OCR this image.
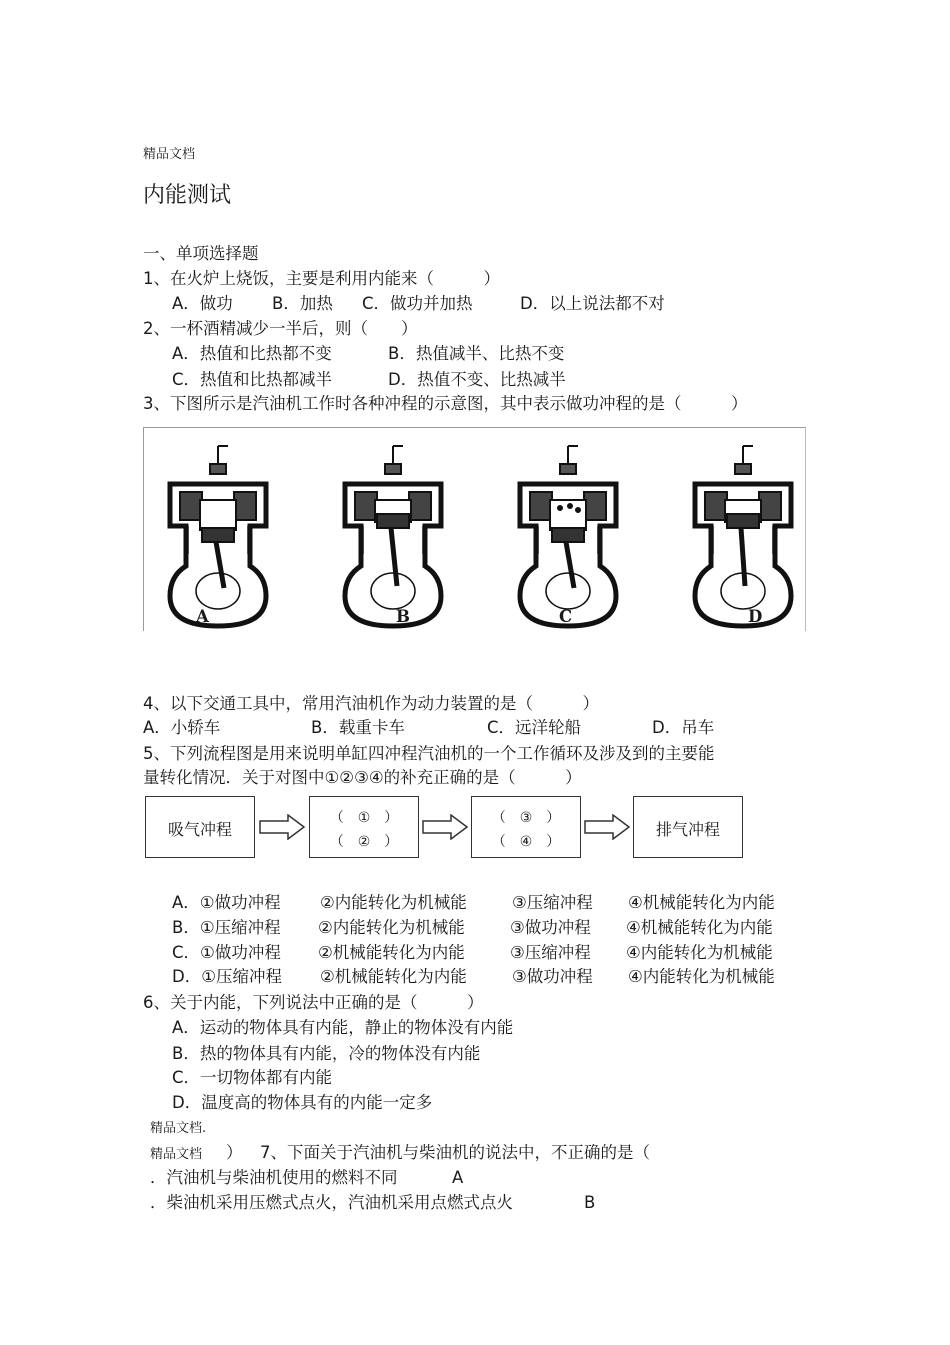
精品文档
内能测试
一、单项选择题
1、在火炉上烧饭，主要是利用内能来（　　　）
A．做功 B．加热 C．做功并加热	D．以上说法都不对
2、一杯酒精减少一半后，则（　　）
A．热值和比热都不变	B．热值减半、比热不变
C．热值和比热都减半	D．热值不变、比热减半
3、下图所示是汽油机工作时各种冲程的示意图，其中表示做功冲程的是（　　　）
A	B	C	D
4、以下交通工具中，常用汽油机作为动力装置的是（　　　）
A．小轿车	B．载重卡车	C．远洋轮船	D．吊车
5、下列流程图是用来说明单缸四冲程汽油机的一个工作循环及涉及到的主要能
量转化情况．关于对图中①②③④的补充正确的是（　　　）
吸气冲程
（　①　）
（　②　）
（　③　）
（　④　）
排气冲程
A．①做功冲程 ②内能转化为机械能	③压缩冲程 ④机械能转化为内能
B．①压缩冲程 ②内能转化为机械能	③做功冲程 ④机械能转化为内能
C．①做功冲程 ②机械能转化为内能	③压缩冲程 ④内能转化为机械能
D．①压缩冲程 ②机械能转化为内能	③做功冲程 ④内能转化为机械能
6、关于内能，下列说法中正确的是（　　　）
A．运动的物体具有内能，静止的物体没有内能
B．热的物体具有内能，冷的物体没有内能
C．一切物体都有内能
D．温度高的物体具有的内能一定多
精品文档.
精品文档 ） 7、下面关于汽油机与柴油机的说法中，不正确的是（
．汽油机与柴油机使用的燃料不同	A
．柴油机采用压燃式点火，汽油机采用点燃式点火	B
